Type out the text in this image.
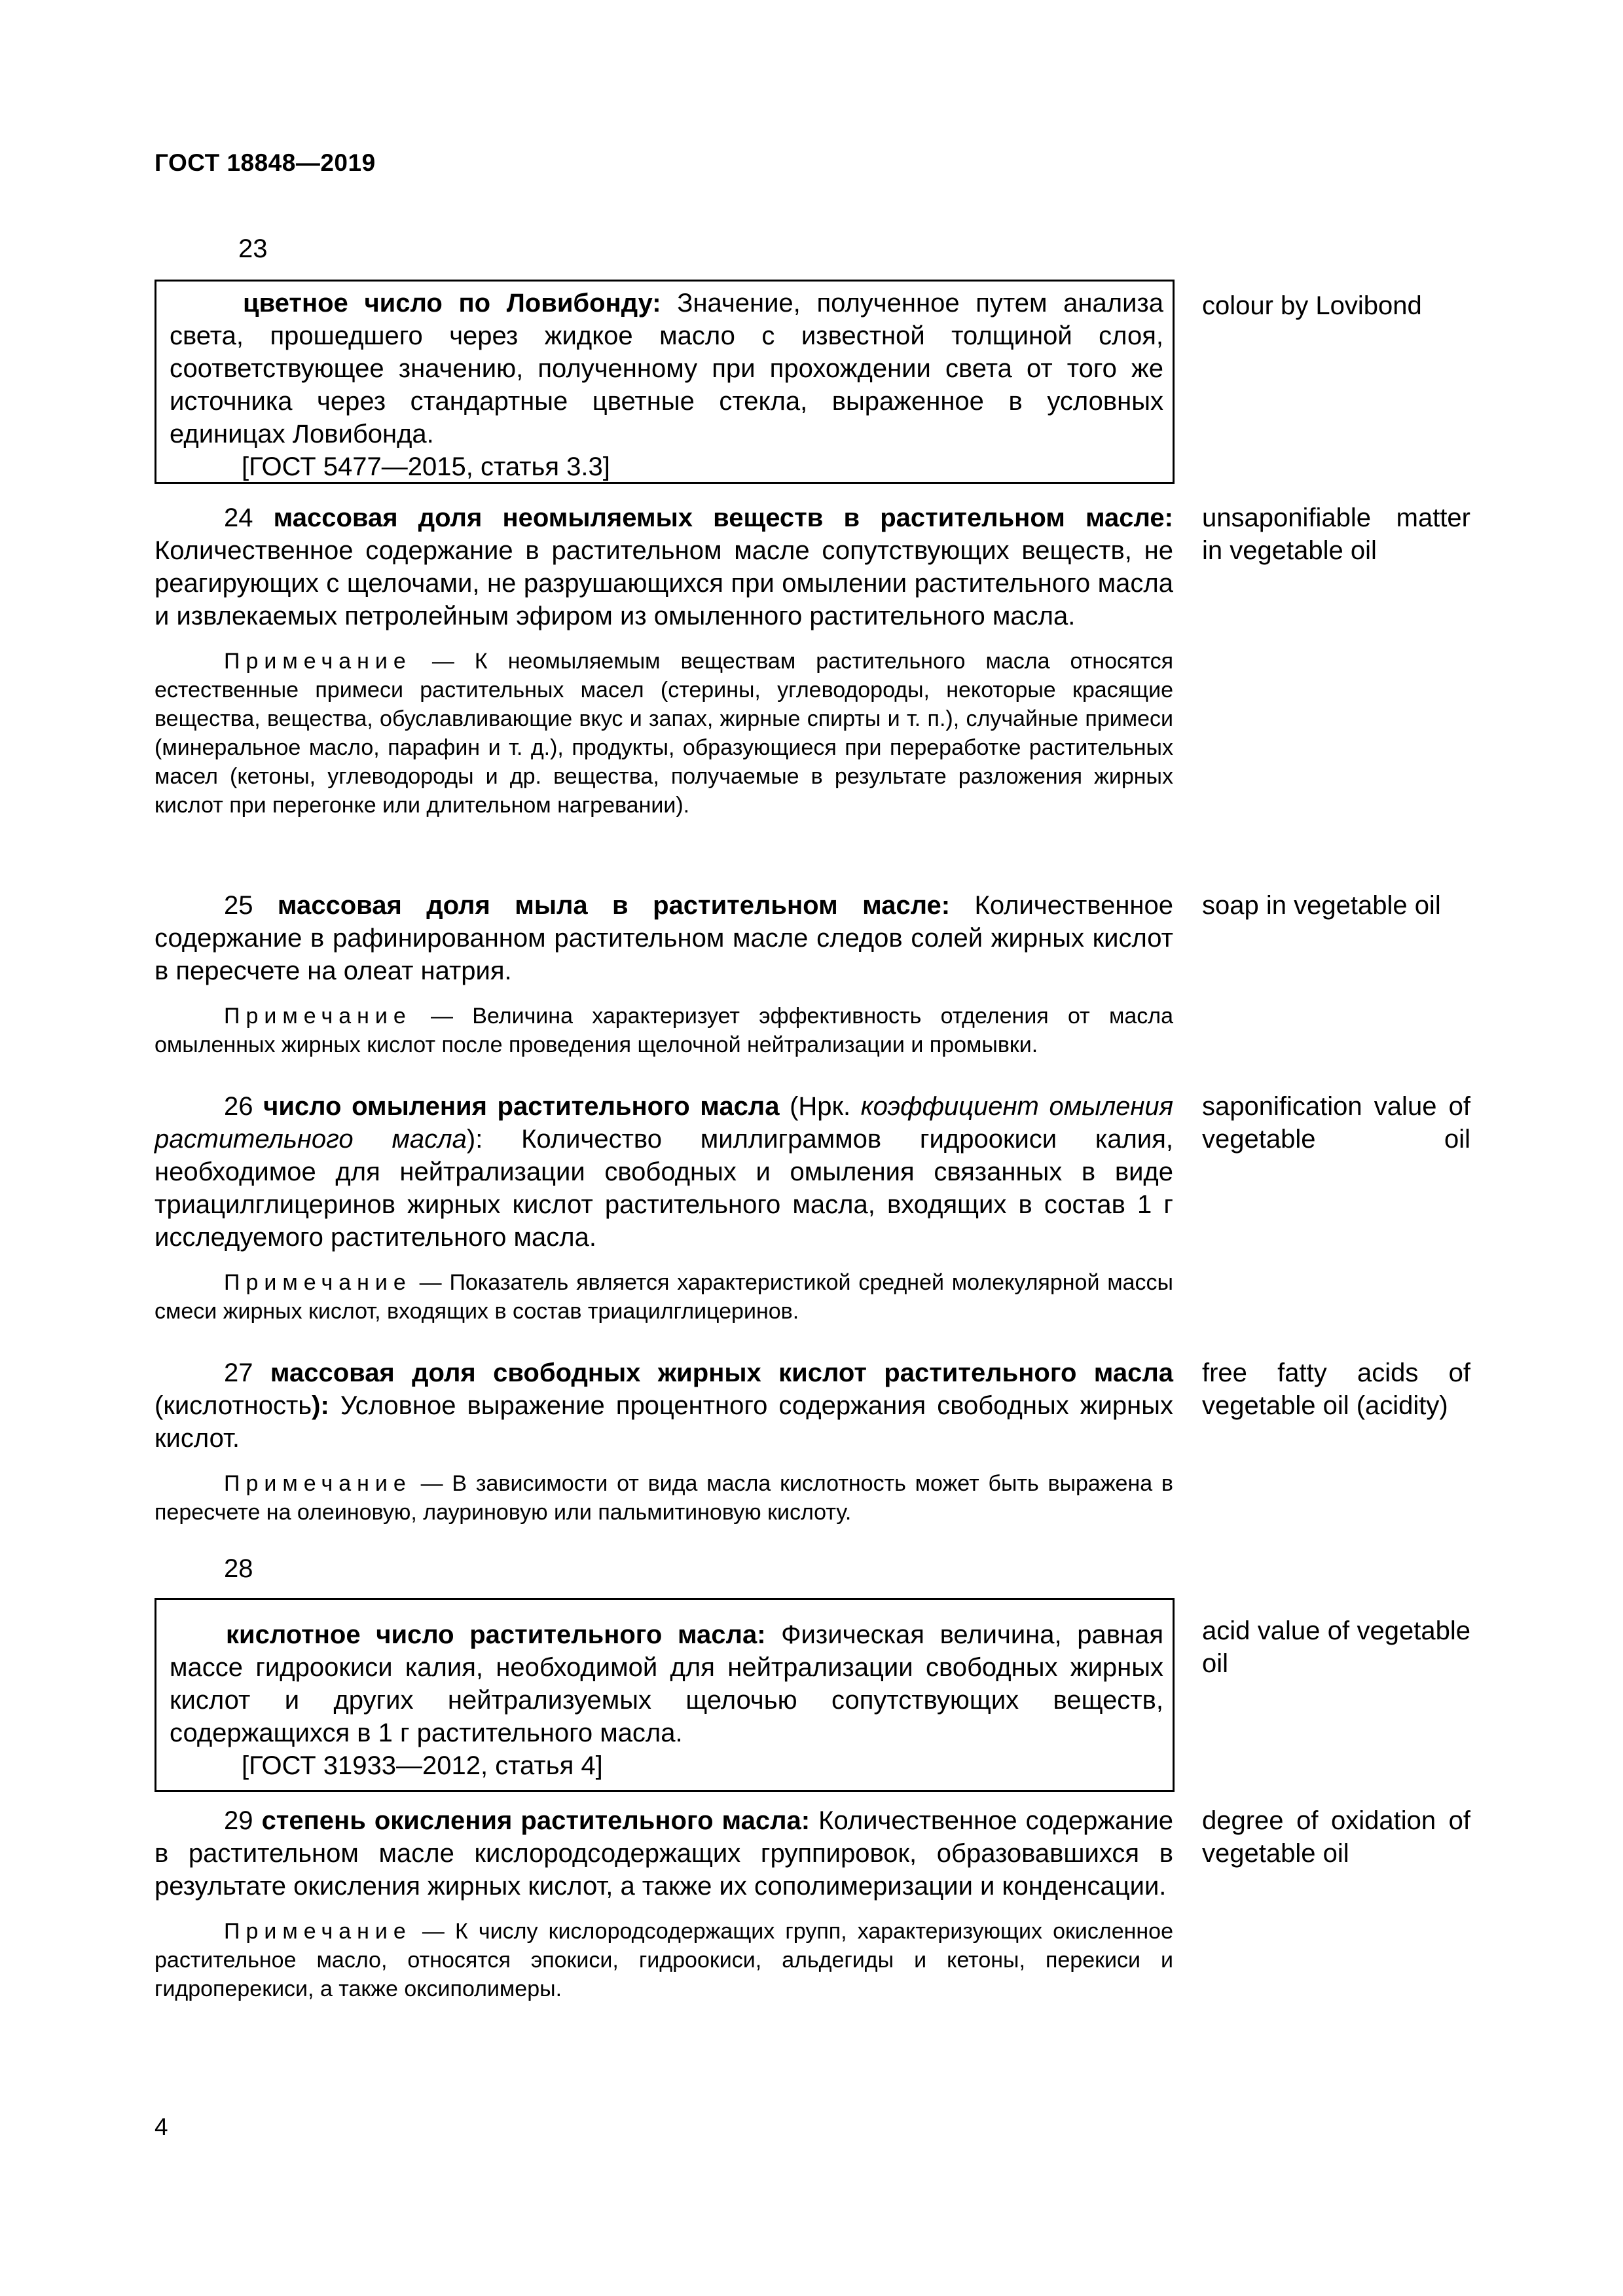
ГОСТ 18848—2019
23

цветное число по Ловибонду: Значение, полученное путем анализа света, прошедшего через жидкое масло с известной толщиной слоя, соответствующее значению, полученному при прохождении света от того же источника через стандартные цветные стекла, выраженное в условных единицах Ловибонда.

[ГОСТ 5477—2015, статья 3.3]

colour by Lovibond

24 массовая доля неомыляемых веществ в растительном масле: Количественное содержание в растительном масле сопутствующих веществ, не реагирующих с щелочами, не разрушающихся при омылении растительного масла и извлекаемых петролейным эфиром из омыленного растительного масла.

Примечание — К неомыляемым веществам растительного масла относятся естественные примеси растительных масел (стерины, углеводороды, некоторые красящие вещества, вещества, обуславливающие вкус и запах, жирные спирты и т. п.), случайные примеси (минеральное масло, парафин и т. д.), продукты, образующиеся при переработке растительных масел (кетоны, углеводороды и др. вещества, получаемые в результате разложения жирных кислот при перегонке или длительном нагревании).

unsaponifiable matter in vegetable oil

25 массовая доля мыла в растительном масле: Количественное содержание в рафинированном растительном масле следов солей жирных кислот в пересчете на олеат натрия.

Примечание — Величина характеризует эффективность отделения от масла омыленных жирных кислот после проведения щелочной нейтрализации и промывки.

soap in vegetable oil

26 число омыления растительного масла (Нрк. коэффициент омыления растительного масла): Количество миллиграммов гидроокиси калия, необходимое для нейтрализации свободных и омыления связанных в виде триацилглицеринов жирных кислот растительного масла, входящих в состав 1 г исследуемого растительного масла.

Примечание — Показатель является характеристикой средней молекулярной массы смеси жирных кислот, входящих в состав триацилглицеринов.

saponification value of vegetable oil

27 массовая доля свободных жирных кислот растительного масла (кислотность): Условное выражение процентного содержания свободных жирных кислот.

Примечание — В зависимости от вида масла кислотность может быть выражена в пересчете на олеиновую, лауриновую или пальмитиновую кислоту.

free fatty acids of vegetable oil (acidity)
28

кислотное число растительного масла: Физическая величина, равная массе гидроокиси калия, необходимой для нейтрализации свободных жирных кислот и других нейтрализуемых щелочью сопутствующих веществ, содержащихся в 1 г растительного масла.

[ГОСТ 31933—2012, статья 4]

acid value of vegetable oil

29 степень окисления растительного масла: Количественное содержание в растительном масле кислородсодержащих группировок, образовавшихся в результате окисления жирных кислот, а также их сополимеризации и конденсации.

Примечание — К числу кислородсодержащих групп, характеризующих окисленное растительное масло, относятся эпокиси, гидроокиси, альдегиды и кетоны, перекиси и гидроперекиси, а также оксиполимеры.

degree of oxidation of vegetable oil
4
